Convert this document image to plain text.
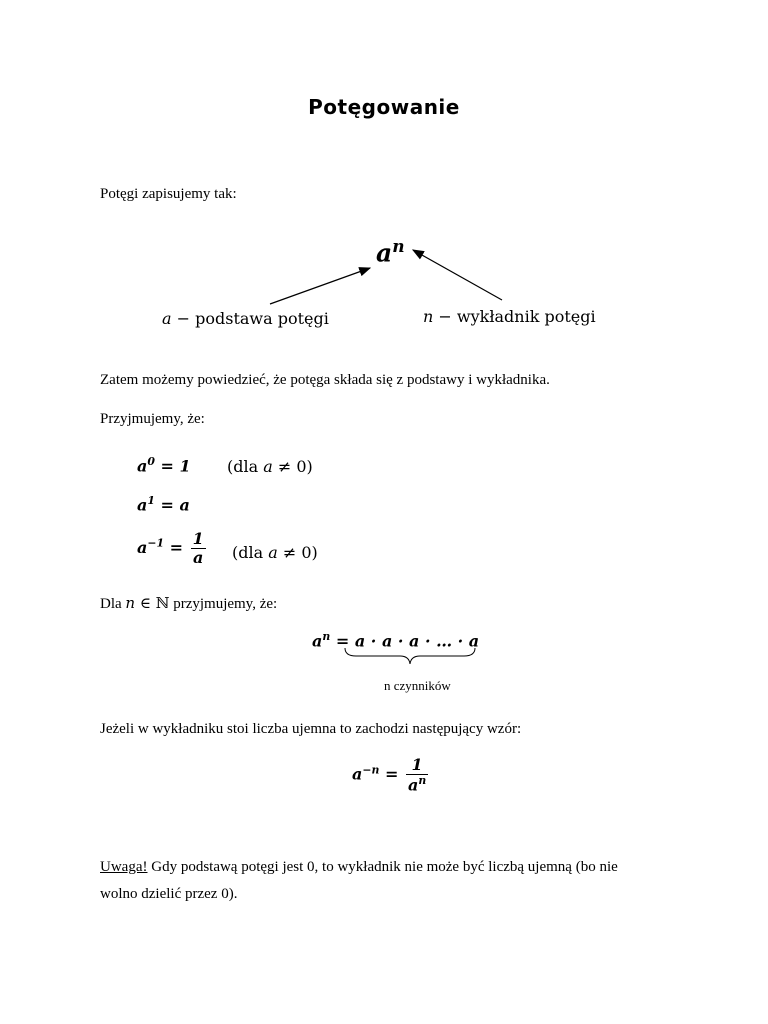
Potęgowanie
Potęgi zapisujemy tak:
$a^n$
a − podstawa potęgi	n − wykładnik potęgi
Zatem możemy powiedzieć, że potęga składa się z podstawy i wykładnika.
Przyjmujemy, że:
$a^0 = 1$ (dla a ≠ 0)
$a^1 = a$
$a^{-1} = \frac{1}{a} (dla$ a ≠ 0)
Dla n ∈ ℕ przyjmujemy, że:
$a^n = a \cdot a \cdot a$ · … · a
n czynników
Jeżeli w wykładniku stoi liczba ujemna to zachodzi następujący wzór:
$a^{-n} = \frac{1}{a^n}$
Uwaga! Gdy podstawą potęgi jest 0, to wykładnik nie może być liczbą ujemną (bo nie
wolno dzielić przez 0).
